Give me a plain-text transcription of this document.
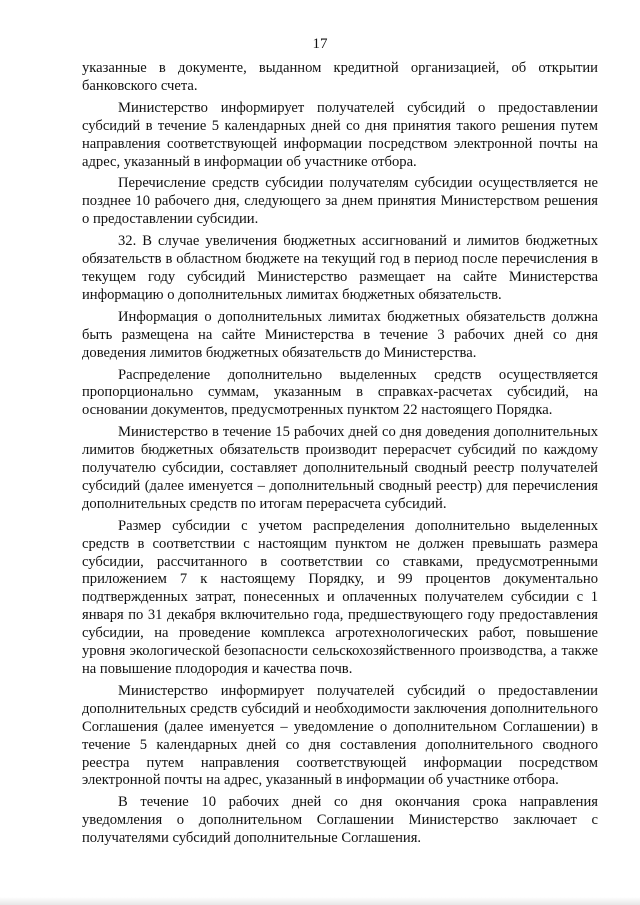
17

указанные в документе, выданном кредитной организацией, об открытии банковского счета.

Министерство информирует получателей субсидий о предоставлении субсидий в течение 5 календарных дней со дня принятия такого решения путем направления соответствующей информации посредством электронной почты на адрес, указанный в информации об участнике отбора.

Перечисление средств субсидии получателям субсидии осуществляется не позднее 10 рабочего дня, следующего за днем принятия Министерством решения о предоставлении субсидии.

32. В случае увеличения бюджетных ассигнований и лимитов бюджетных обязательств в областном бюджете на текущий год в период после перечисления в текущем году субсидий Министерство размещает на сайте Министерства информацию о дополнительных лимитах бюджетных обязательств.

Информация о дополнительных лимитах бюджетных обязательств должна быть размещена на сайте Министерства в течение 3 рабочих дней со дня доведения лимитов бюджетных обязательств до Министерства.

Распределение дополнительно выделенных средств осуществляется пропорционально суммам, указанным в справках-расчетах субсидий, на основании документов, предусмотренных пунктом 22 настоящего Порядка.

Министерство в течение 15 рабочих дней со дня доведения дополнительных лимитов бюджетных обязательств производит перерасчет субсидий по каждому получателю субсидии, составляет дополнительный сводный реестр получателей субсидий (далее именуется – дополнительный сводный реестр) для перечисления дополнительных средств по итогам перерасчета субсидий.

Размер субсидии с учетом распределения дополнительно выделенных средств в соответствии с настоящим пунктом не должен превышать размера субсидии, рассчитанного в соответствии со ставками, предусмотренными приложением 7 к настоящему Порядку, и 99 процентов документально подтвержденных затрат, понесенных и оплаченных получателем субсидии с 1 января по 31 декабря включительно года, предшествующего году предоставления субсидии, на проведение комплекса агротехнологических работ, повышение уровня экологической безопасности сельскохозяйственного производства, а также на повышение плодородия и качества почв.

Министерство информирует получателей субсидий о предоставлении дополнительных средств субсидий и необходимости заключения дополнительного Соглашения (далее именуется – уведомление о дополнительном Соглашении) в течение 5 календарных дней со дня составления дополнительного сводного реестра путем направления соответствующей информации посредством электронной почты на адрес, указанный в информации об участнике отбора.

В течение 10 рабочих дней со дня окончания срока направления уведомления о дополнительном Соглашении Министерство заключает с получателями субсидий дополнительные Соглашения.
